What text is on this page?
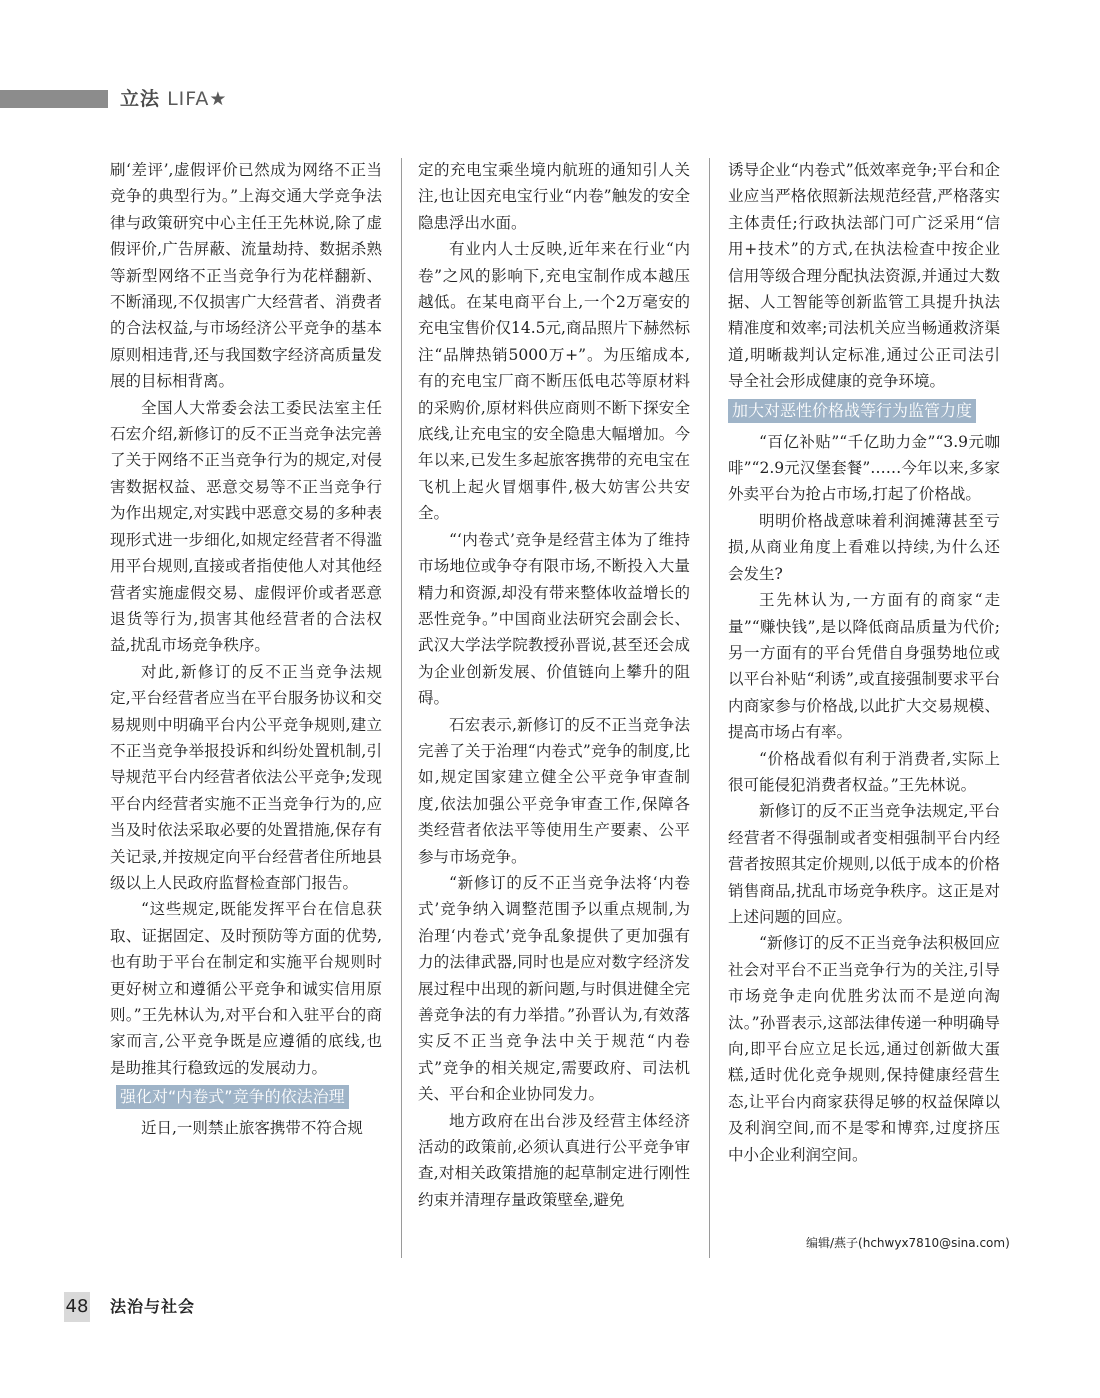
立法 LIFA★

刷‘差评’,虚假评价已然成为网络不正当竞争的典型行为。”上海交通大学竞争法律与政策研究中心主任王先林说,除了虚假评价,广告屏蔽、流量劫持、数据杀熟等新型网络不正当竞争行为花样翻新、不断涌现,不仅损害广大经营者、消费者的合法权益,与市场经济公平竞争的基本原则相违背,还与我国数字经济高质量发展的目标相背离。

全国人大常委会法工委民法室主任石宏介绍,新修订的反不正当竞争法完善了关于网络不正当竞争行为的规定,对侵害数据权益、恶意交易等不正当竞争行为作出规定,对实践中恶意交易的多种表现形式进一步细化,如规定经营者不得滥用平台规则,直接或者指使他人对其他经营者实施虚假交易、虚假评价或者恶意退货等行为,损害其他经营者的合法权益,扰乱市场竞争秩序。

对此,新修订的反不正当竞争法规定,平台经营者应当在平台服务协议和交易规则中明确平台内公平竞争规则,建立不正当竞争举报投诉和纠纷处置机制,引导规范平台内经营者依法公平竞争;发现平台内经营者实施不正当竞争行为的,应当及时依法采取必要的处置措施,保存有关记录,并按规定向平台经营者住所地县级以上人民政府监督检查部门报告。

“这些规定,既能发挥平台在信息获取、证据固定、及时预防等方面的优势,也有助于平台在制定和实施平台规则时更好树立和遵循公平竞争和诚实信用原则。”王先林认为,对平台和入驻平台的商家而言,公平竞争既是应遵循的底线,也是助推其行稳致远的发展动力。

强化对“内卷式”竞争的依法治理

近日,一则禁止旅客携带不符合规

定的充电宝乘坐境内航班的通知引人关注,也让因充电宝行业“内卷”触发的安全隐患浮出水面。

有业内人士反映,近年来在行业“内卷”之风的影响下,充电宝制作成本越压越低。在某电商平台上,一个2万毫安的充电宝售价仅14.5元,商品照片下赫然标注“品牌热销5000万+”。为压缩成本,有的充电宝厂商不断压低电芯等原材料的采购价,原材料供应商则不断下探安全底线,让充电宝的安全隐患大幅增加。今年以来,已发生多起旅客携带的充电宝在飞机上起火冒烟事件,极大妨害公共安全。

“‘内卷式’竞争是经营主体为了维持市场地位或争夺有限市场,不断投入大量精力和资源,却没有带来整体收益增长的恶性竞争。”中国商业法研究会副会长、武汉大学法学院教授孙晋说,甚至还会成为企业创新发展、价值链向上攀升的阻碍。

石宏表示,新修订的反不正当竞争法完善了关于治理“内卷式”竞争的制度,比如,规定国家建立健全公平竞争审查制度,依法加强公平竞争审查工作,保障各类经营者依法平等使用生产要素、公平参与市场竞争。

“新修订的反不正当竞争法将‘内卷式’竞争纳入调整范围予以重点规制,为治理‘内卷式’竞争乱象提供了更加强有力的法律武器,同时也是应对数字经济发展过程中出现的新问题,与时俱进健全完善竞争法的有力举措。”孙晋认为,有效落实反不正当竞争法中关于规范“内卷式”竞争的相关规定,需要政府、司法机关、平台和企业协同发力。

地方政府在出台涉及经营主体经济活动的政策前,必须认真进行公平竞争审查,对相关政策措施的起草制定进行刚性约束并清理存量政策壁垒,避免

诱导企业“内卷式”低效率竞争;平台和企业应当严格依照新法规范经营,严格落实主体责任;行政执法部门可广泛采用“信用+技术”的方式,在执法检查中按企业信用等级合理分配执法资源,并通过大数据、人工智能等创新监管工具提升执法精准度和效率;司法机关应当畅通救济渠道,明晰裁判认定标准,通过公正司法引导全社会形成健康的竞争环境。

加大对恶性价格战等行为监管力度

“百亿补贴”“千亿助力金”“3.9元咖啡”“2.9元汉堡套餐”……今年以来,多家外卖平台为抢占市场,打起了价格战。

明明价格战意味着利润摊薄甚至亏损,从商业角度上看难以持续,为什么还会发生?

王先林认为,一方面有的商家“走量”“赚快钱”,是以降低商品质量为代价;另一方面有的平台凭借自身强势地位或以平台补贴“利诱”,或直接强制要求平台内商家参与价格战,以此扩大交易规模、提高市场占有率。

“价格战看似有利于消费者,实际上很可能侵犯消费者权益。”王先林说。

新修订的反不正当竞争法规定,平台经营者不得强制或者变相强制平台内经营者按照其定价规则,以低于成本的价格销售商品,扰乱市场竞争秩序。这正是对上述问题的回应。

“新修订的反不正当竞争法积极回应社会对平台不正当竞争行为的关注,引导市场竞争走向优胜劣汰而不是逆向淘汰。”孙晋表示,这部法律传递一种明确导向,即平台应立足长远,通过创新做大蛋糕,适时优化竞争规则,保持健康经营生态,让平台内商家获得足够的权益保障以及利润空间,而不是零和博弈,过度挤压中小企业利润空间。

编辑/燕子(hchwyx7810@sina.com)
48 法治与社会
